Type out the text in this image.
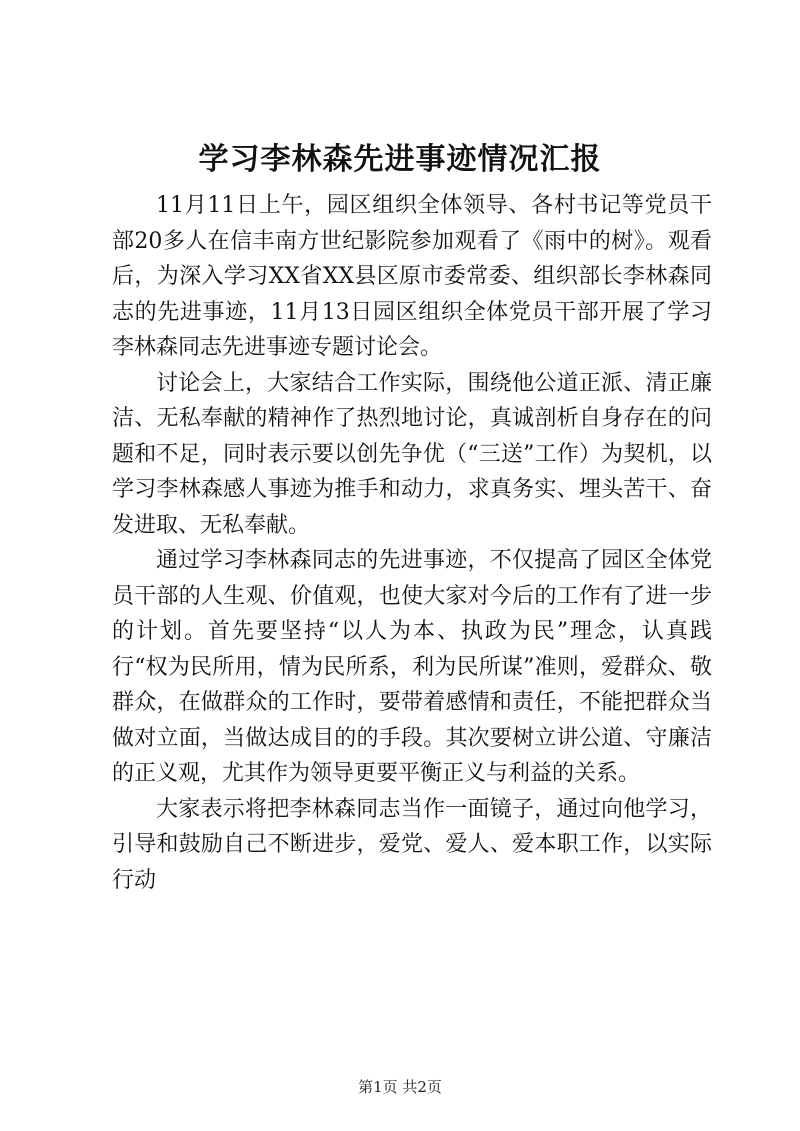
学习李林森先进事迹情况汇报

11月11日上午，园区组织全体领导、各村书记等党员干部20多人在信丰南方世纪影院参加观看了《雨中的树》。观看后，为深入学习XX省XX县区原市委常委、组织部长李林森同志的先进事迹，11月13日园区组织全体党员干部开展了学习李林森同志先进事迹专题讨论会。

讨论会上，大家结合工作实际，围绕他公道正派、清正廉洁、无私奉献的精神作了热烈地讨论，真诚剖析自身存在的问题和不足，同时表示要以创先争优（“三送”工作）为契机，以学习李林森感人事迹为推手和动力，求真务实、埋头苦干、奋发进取、无私奉献。

通过学习李林森同志的先进事迹，不仅提高了园区全体党员干部的人生观、价值观，也使大家对今后的工作有了进一步的计划。首先要坚持“以人为本、执政为民”理念，认真践行“权为民所用，情为民所系，利为民所谋”准则，爱群众、敬群众，在做群众的工作时，要带着感情和责任，不能把群众当做对立面，当做达成目的的手段。其次要树立讲公道、守廉洁的正义观，尤其作为领导更要平衡正义与利益的关系。

大家表示将把李林森同志当作一面镜子，通过向他学习，引导和鼓励自己不断进步，爱党、爱人、爱本职工作，以实际行动

第1页 共2页
